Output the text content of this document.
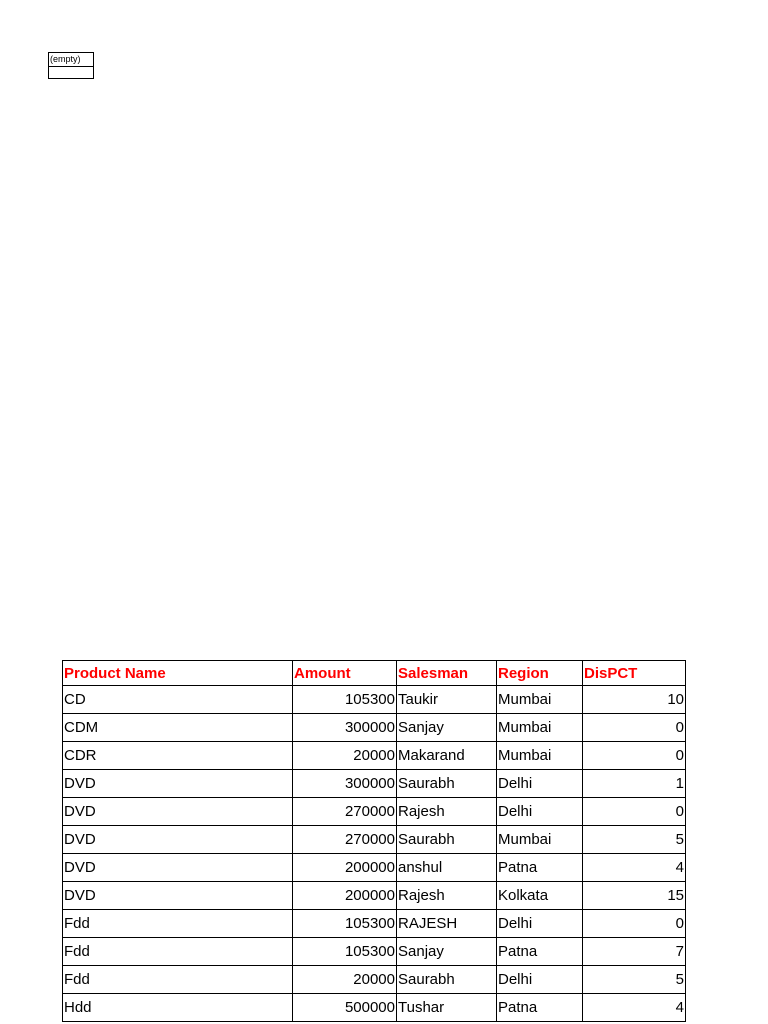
(empty)
Product Name	Amount	Salesman	Region	DisPCT
CD	105300	Taukir	Mumbai	10
CDM	300000	Sanjay	Mumbai	0
CDR	20000	Makarand	Mumbai	0
DVD	300000	Saurabh	Delhi	1
DVD	270000	Rajesh	Delhi	0
DVD	270000	Saurabh	Mumbai	5
DVD	200000	anshul	Patna	4
DVD	200000	Rajesh	Kolkata	15
Fdd	105300	RAJESH	Delhi	0
Fdd	105300	Sanjay	Patna	7
Fdd	20000	Saurabh	Delhi	5
Hdd	500000	Tushar	Patna	4
